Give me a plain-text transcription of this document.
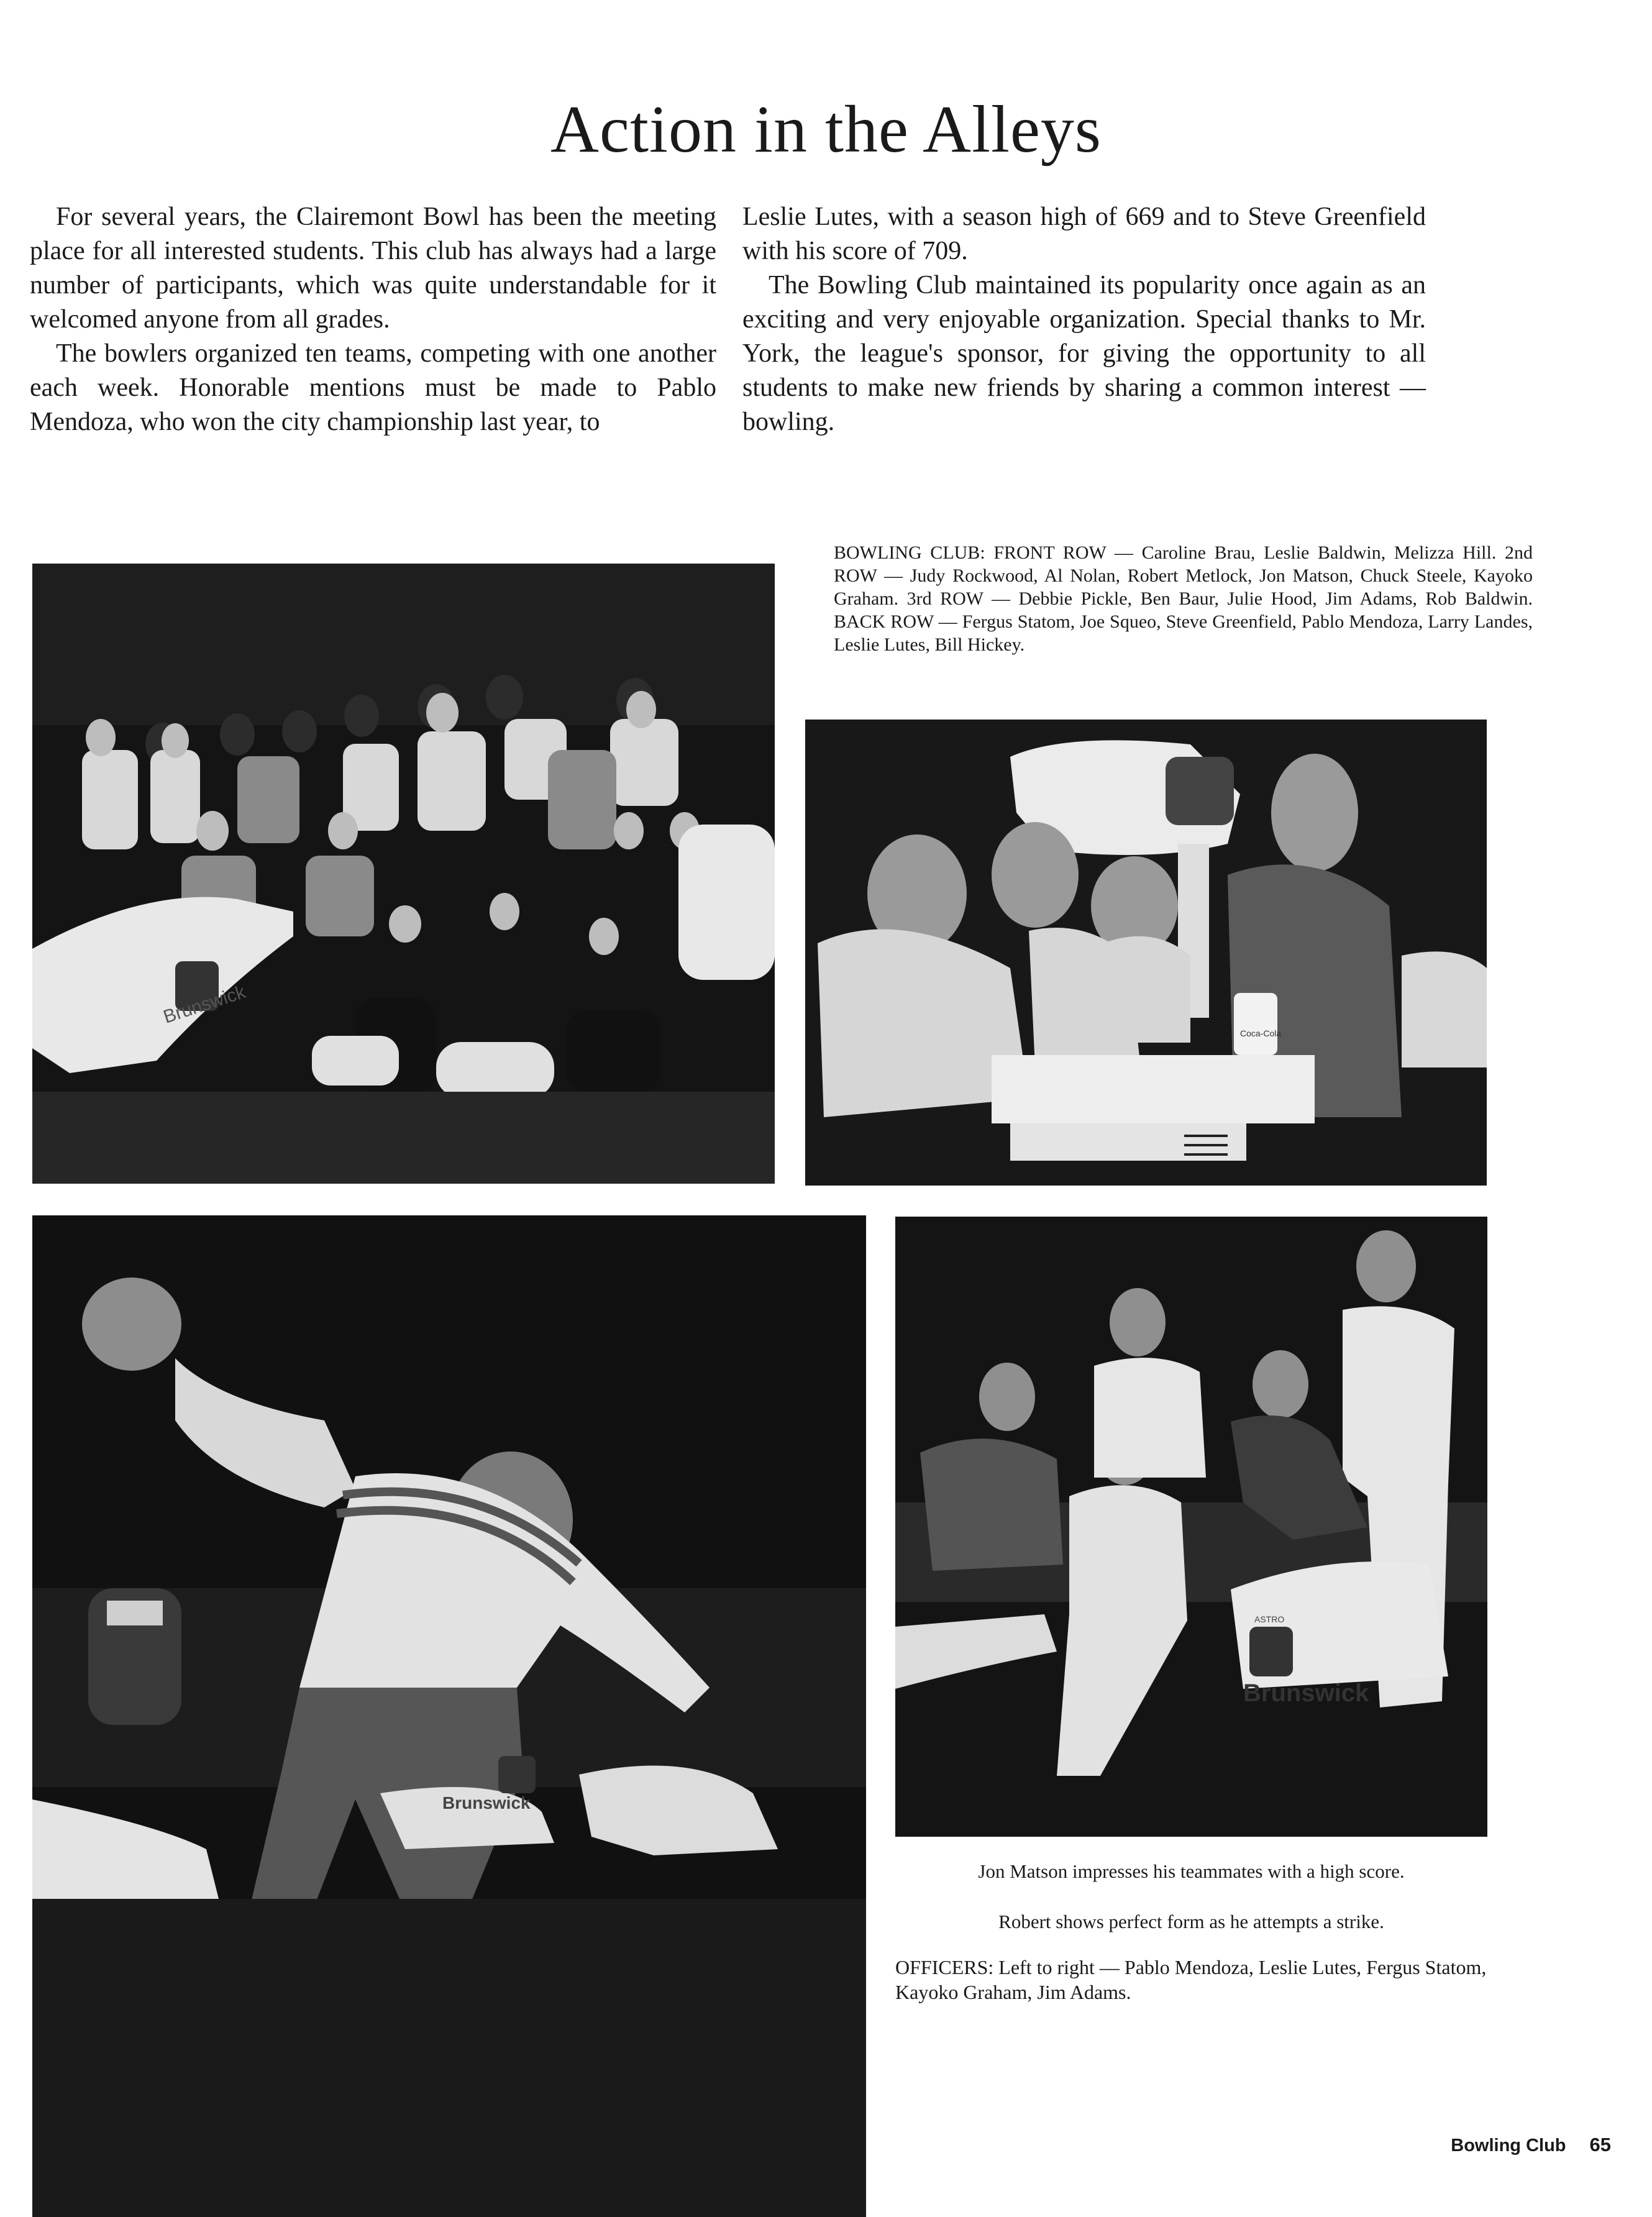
Action in the Alleys

For several years, the Clairemont Bowl has been the meeting place for all interested students. This club has always had a large number of participants, which was quite understandable for it welcomed anyone from all grades.

The bowlers organized ten teams, competing with one another each week. Honorable mentions must be made to Pablo Mendoza, who won the city championship last year, to

Leslie Lutes, with a season high of 669 and to Steve Greenfield with his score of 709.

The Bowling Club maintained its popularity once again as an exciting and very enjoyable organization. Special thanks to Mr. York, the league's sponsor, for giving the opportunity to all students to make new friends by sharing a common interest — bowling.

BOWLING CLUB: FRONT ROW — Caroline Brau, Leslie Baldwin, Melizza Hill. 2nd ROW — Judy Rockwood, Al Nolan, Robert Metlock, Jon Matson, Chuck Steele, Kayoko Graham. 3rd ROW — Debbie Pickle, Ben Baur, Julie Hood, Jim Adams, Rob Baldwin. BACK ROW — Fergus Statom, Joe Squeo, Steve Greenfield, Pablo Mendoza, Larry Landes, Leslie Lutes, Bill Hickey.

Brunswick
Coca-Cola
Brunswick
ASTRO
Brunswick

Jon Matson impresses his teammates with a high score.

Robert shows perfect form as he attempts a strike.

OFFICERS: Left to right — Pablo Mendoza, Leslie Lutes, Fergus Statom, Kayoko Graham, Jim Adams.

Bowling Club 65
